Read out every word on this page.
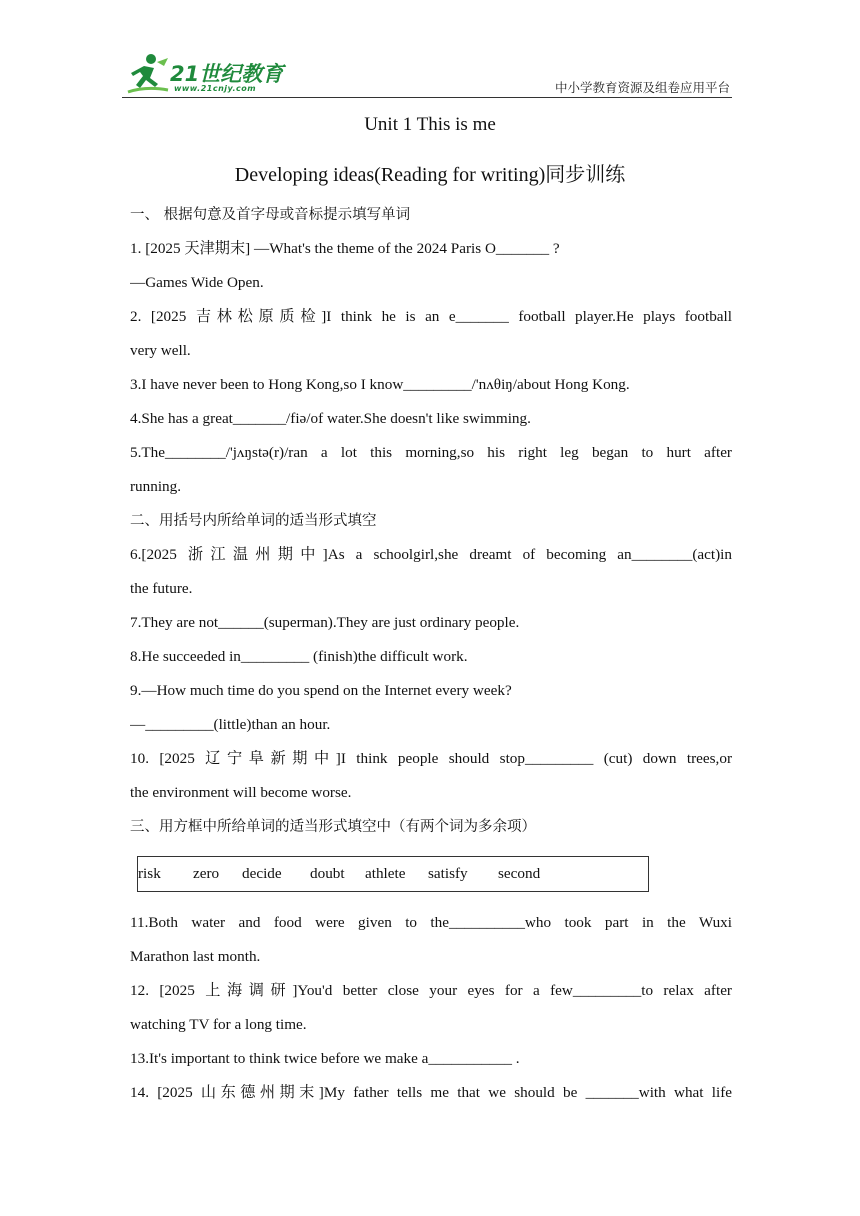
21世纪教育
www.21cnjy.com	中小学教育资源及组卷应用平台
Unit 1 This is me
Developing ideas(Reading for writing)同步训练
一、 根据句意及首字母或音标提示填写单词
1. [2025 天津期末] —What's the theme of the 2024 Paris O_______ ?
—Games Wide Open.
2. [2025 吉林松原质检]I think he is an e_______ football player.He plays football
very well.
3.I have never been to Hong Kong,so I know_________/'nʌθiŋ/about Hong Kong.
4.She has a great_______/fiə/of water.She doesn't like swimming.
5.The________/'jʌŋstə(r)/ran a lot this morning,so his right leg began to hurt after
running.
二、用括号内所给单词的适当形式填空
6.[2025 浙江温州期中]As a schoolgirl,she dreamt of becoming an________(act)in
the future.
7.They are not______(superman).They are just ordinary people.
8.He succeeded in_________ (finish)the difficult work.
9.—How much time do you spend on the Internet every week?
—_________(little)than an hour.
10. [2025 辽宁阜新期中]I think people should stop_________ (cut) down trees,or
the environment will become worse.
三、用方框中所给单词的适当形式填空中（有两个词为多余项）
risk zero decide doubt athlete satisfy second
11.Both water and food were given to the__________who took part in the Wuxi
Marathon last month.
12. [2025 上海调研]You'd better close your eyes for a few_________to relax after
watching TV for a long time.
13.It's important to think twice before we make a___________ .
14. [2025 山东德州期末]My father tells me that we should be _______with what life
